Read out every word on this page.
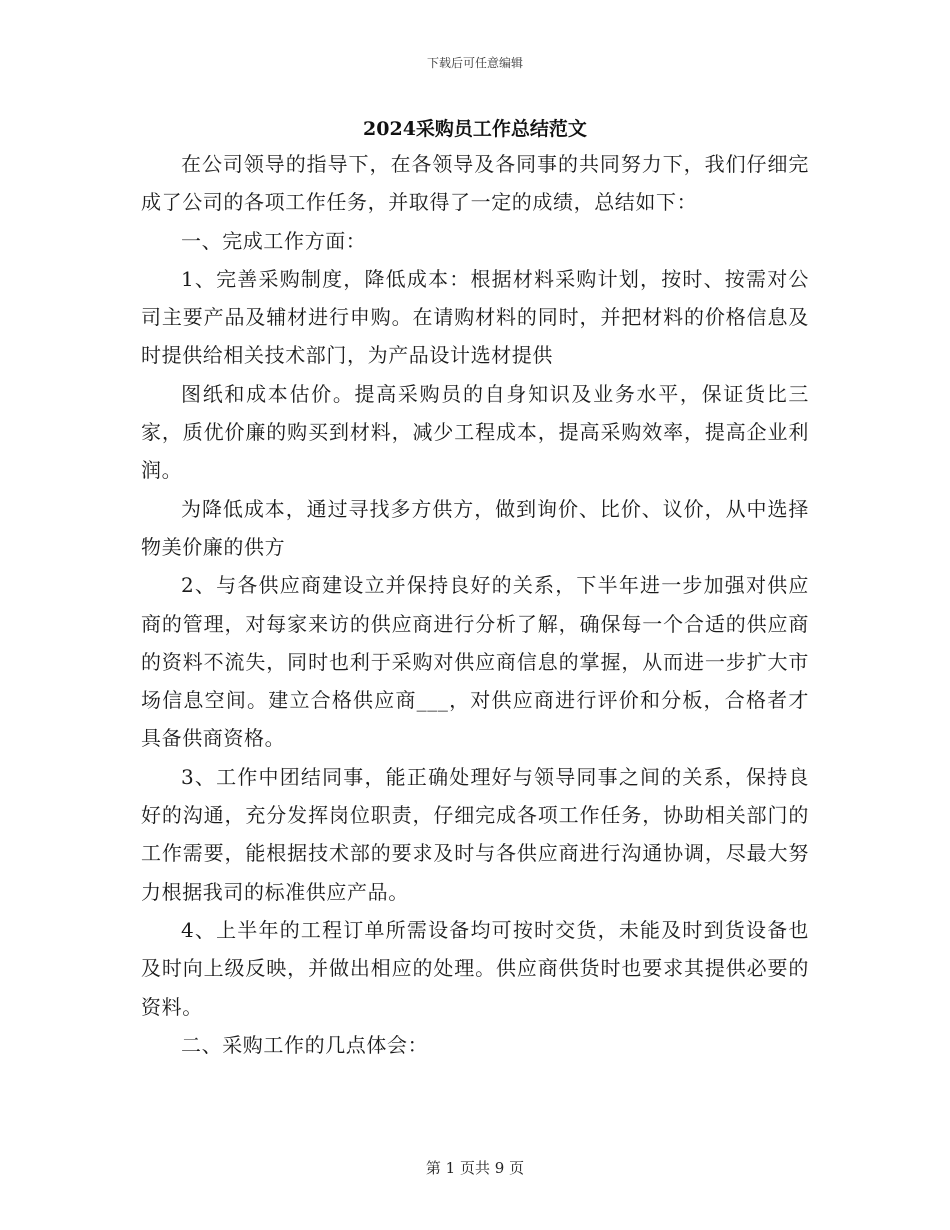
下载后可任意编辑
2024采购员工作总结范文

在公司领导的指导下，在各领导及各同事的共同努力下，我们仔细完成了公司的各项工作任务，并取得了一定的成绩，总结如下：

一、完成工作方面：

1、完善采购制度，降低成本：根据材料采购计划，按时、按需对公司主要产品及辅材进行申购。在请购材料的同时，并把材料的价格信息及时提供给相关技术部门，为产品设计选材提供

图纸和成本估价。提高采购员的自身知识及业务水平，保证货比三家，质优价廉的购买到材料，减少工程成本，提高采购效率，提高企业利润。

为降低成本，通过寻找多方供方，做到询价、比价、议价，从中选择物美价廉的供方

2、与各供应商建设立并保持良好的关系，下半年进一步加强对供应商的管理，对每家来访的供应商进行分析了解，确保每一个合适的供应商的资料不流失，同时也利于采购对供应商信息的掌握，从而进一步扩大市场信息空间。建立合格供应商___，对供应商进行评价和分板，合格者才具备供商资格。

3、工作中团结同事，能正确处理好与领导同事之间的关系，保持良好的沟通，充分发挥岗位职责，仔细完成各项工作任务，协助相关部门的工作需要，能根据技术部的要求及时与各供应商进行沟通协调，尽最大努力根据我司的标准供应产品。

4、上半年的工程订单所需设备均可按时交货，未能及时到货设备也及时向上级反映，并做出相应的处理。供应商供货时也要求其提供必要的资料。

二、采购工作的几点体会：

第 1 页共 9 页
